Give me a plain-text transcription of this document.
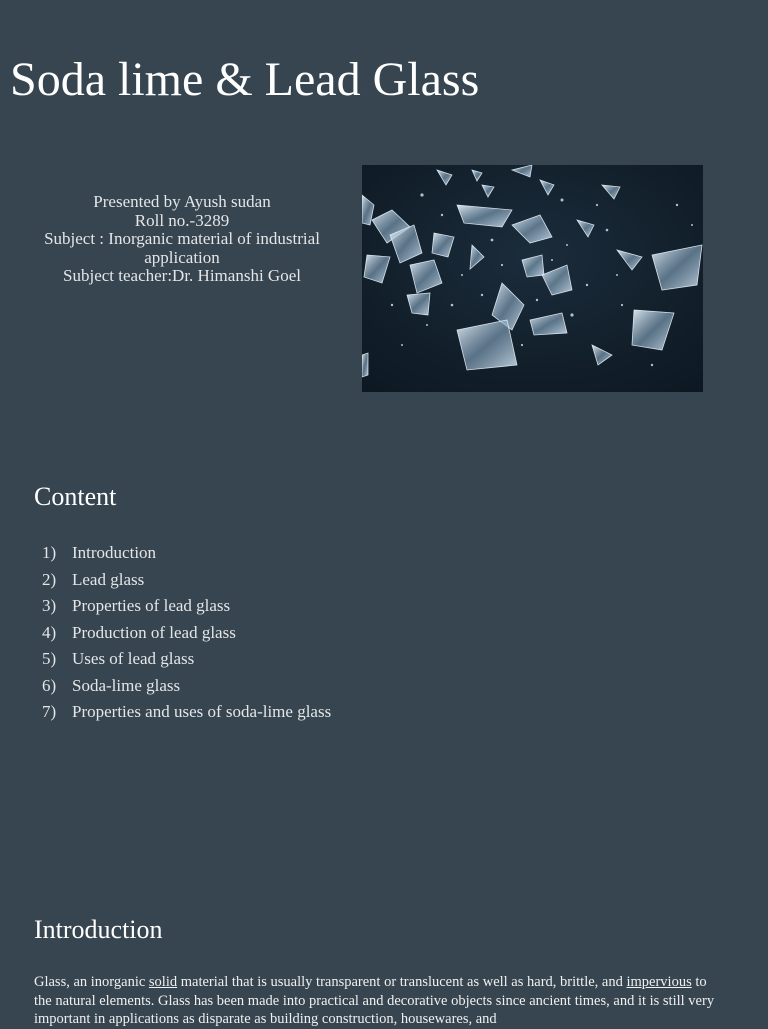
Soda lime & Lead Glass
Presented by Ayush sudan
Roll no.-3289
Subject : Inorganic material of industrial
application
Subject teacher:Dr. Himanshi Goel
Content
1) Introduction
2) Lead glass
3) Properties of lead glass
4) Production of lead glass
5) Uses of lead glass
6) Soda-lime glass
7) Properties and uses of soda-lime glass
Introduction

Glass, an inorganic solid material that is usually transparent or translucent as well as hard, brittle, and impervious to the natural elements. Glass has been made into practical and decorative objects since ancient times, and it is still very important in applications as disparate as building construction, housewares, and
